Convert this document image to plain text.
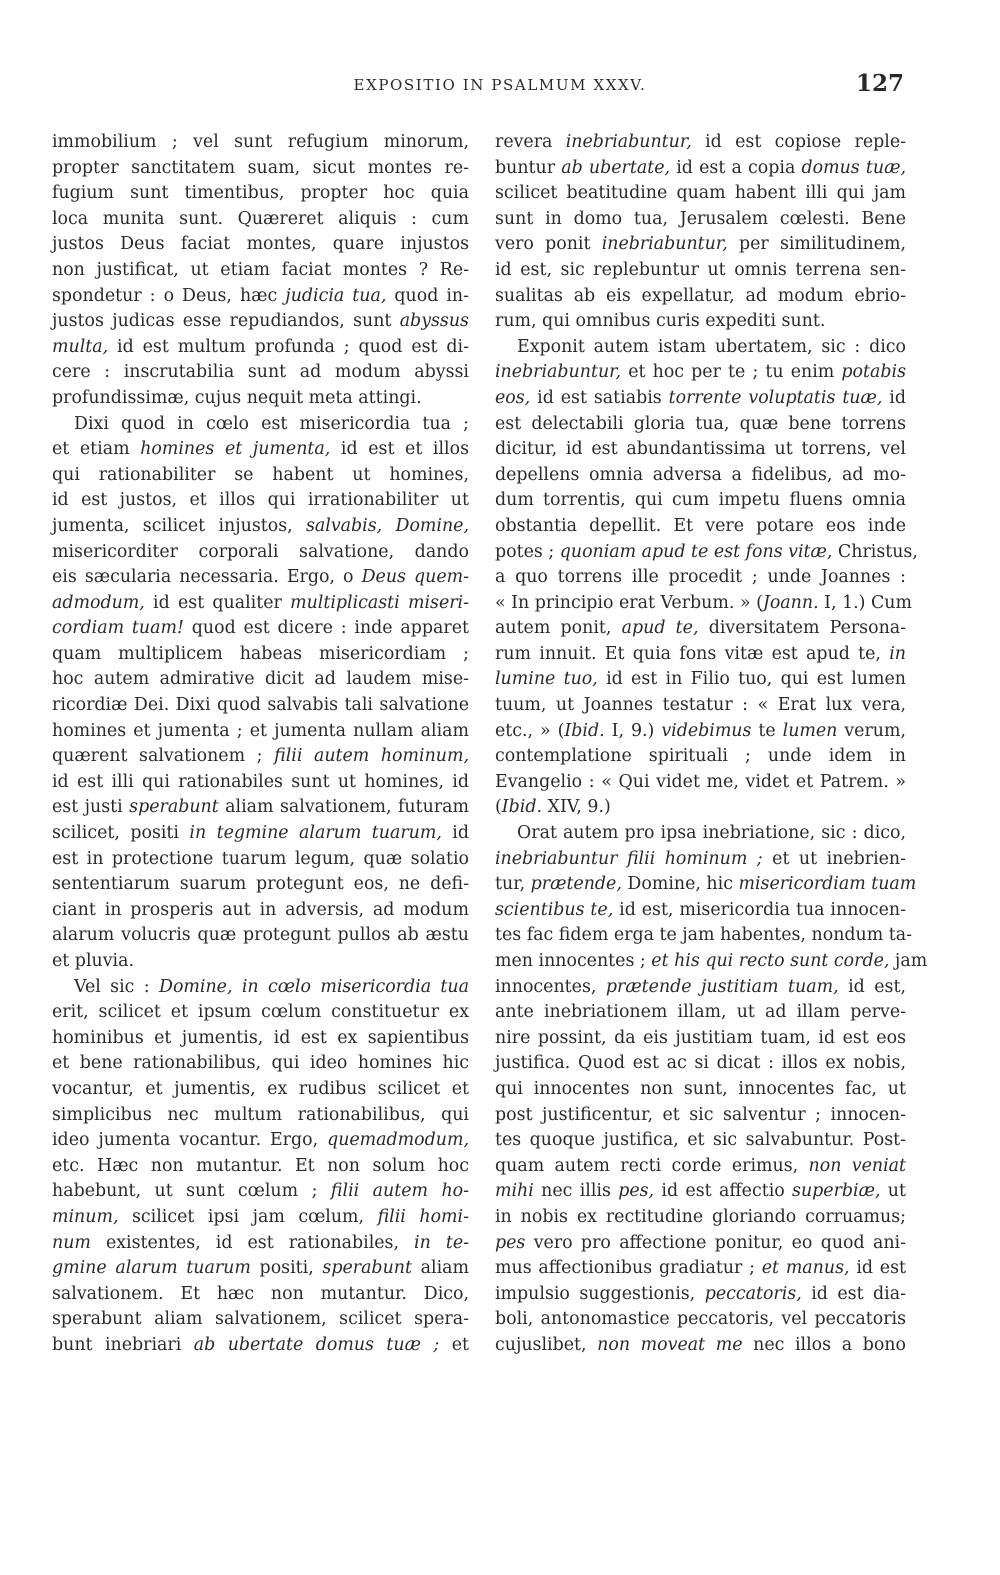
EXPOSITIO IN PSALMUM XXXV.	127
immobilium ; vel sunt refugium minorum,
propter sanctitatem suam, sicut montes re-
fugium sunt timentibus, propter hoc quia
loca munita sunt. Quæreret aliquis : cum
justos Deus faciat montes, quare injustos
non justificat, ut etiam faciat montes ? Re-
spondetur : o Deus, hæc judicia tua, quod in-
justos judicas esse repudiandos, sunt abyssus
multa, id est multum profunda ; quod est di-
cere : inscrutabilia sunt ad modum abyssi
profundissimæ, cujus nequit meta attingi.
Dixi quod in cœlo est misericordia tua ;
et etiam homines et jumenta, id est et illos
qui rationabiliter se habent ut homines,
id est justos, et illos qui irrationabiliter ut
jumenta, scilicet injustos, salvabis, Domine,
misericorditer corporali salvatione, dando
eis sæcularia necessaria. Ergo, o Deus quem-
admodum, id est qualiter multiplicasti miseri-
cordiam tuam! quod est dicere : inde apparet
quam multiplicem habeas misericordiam ;
hoc autem admirative dicit ad laudem mise-
ricordiæ Dei. Dixi quod salvabis tali salvatione
homines et jumenta ; et jumenta nullam aliam
quærent salvationem ; filii autem hominum,
id est illi qui rationabiles sunt ut homines, id
est justi sperabunt aliam salvationem, futuram
scilicet, positi in tegmine alarum tuarum, id
est in protectione tuarum legum, quæ solatio
sententiarum suarum protegunt eos, ne defi-
ciant in prosperis aut in adversis, ad modum
alarum volucris quæ protegunt pullos ab æstu
et pluvia.
Vel sic : Domine, in cœlo misericordia tua
erit, scilicet et ipsum cœlum constituetur ex
hominibus et jumentis, id est ex sapientibus
et bene rationabilibus, qui ideo homines hic
vocantur, et jumentis, ex rudibus scilicet et
simplicibus nec multum rationabilibus, qui
ideo jumenta vocantur. Ergo, quemadmodum,
etc. Hæc non mutantur. Et non solum hoc
habebunt, ut sunt cœlum ; filii autem ho-
minum, scilicet ipsi jam cœlum, filii homi-
num existentes, id est rationabiles, in te-
gmine alarum tuarum positi, sperabunt aliam
salvationem. Et hæc non mutantur. Dico,
sperabunt aliam salvationem, scilicet spera-
bunt inebriari ab ubertate domus tuæ ; et
revera inebriabuntur, id est copiose reple-
buntur ab ubertate, id est a copia domus tuæ,
scilicet beatitudine quam habent illi qui jam
sunt in domo tua, Jerusalem cœlesti. Bene
vero ponit inebriabuntur, per similitudinem,
id est, sic replebuntur ut omnis terrena sen-
sualitas ab eis expellatur, ad modum ebrio-
rum, qui omnibus curis expediti sunt.
Exponit autem istam ubertatem, sic : dico
inebriabuntur, et hoc per te ; tu enim potabis
eos, id est satiabis torrente voluptatis tuæ, id
est delectabili gloria tua, quæ bene torrens
dicitur, id est abundantissima ut torrens, vel
depellens omnia adversa a fidelibus, ad mo-
dum torrentis, qui cum impetu fluens omnia
obstantia depellit. Et vere potare eos inde
potes ; quoniam apud te est fons vitæ, Christus,
a quo torrens ille procedit ; unde Joannes :
« In principio erat Verbum. » (Joann. I, 1.) Cum
autem ponit, apud te, diversitatem Persona-
rum innuit. Et quia fons vitæ est apud te, in
lumine tuo, id est in Filio tuo, qui est lumen
tuum, ut Joannes testatur : « Erat lux vera,
etc., » (Ibid. I, 9.) videbimus te lumen verum,
contemplatione spirituali ; unde idem in
Evangelio : « Qui videt me, videt et Patrem. »
(Ibid. XIV, 9.)
Orat autem pro ipsa inebriatione, sic : dico,
inebriabuntur filii hominum ; et ut inebrien-
tur, prætende, Domine, hic misericordiam tuam
scientibus te, id est, misericordia tua innocen-
tes fac fidem erga te jam habentes, nondum ta-
men innocentes ; et his qui recto sunt corde, jam
innocentes, prætende justitiam tuam, id est,
ante inebriationem illam, ut ad illam perve-
nire possint, da eis justitiam tuam, id est eos
justifica. Quod est ac si dicat : illos ex nobis,
qui innocentes non sunt, innocentes fac, ut
post justificentur, et sic salventur ; innocen-
tes quoque justifica, et sic salvabuntur. Post-
quam autem recti corde erimus, non veniat
mihi nec illis pes, id est affectio superbiæ, ut
in nobis ex rectitudine gloriando corruamus;
pes vero pro affectione ponitur, eo quod ani-
mus affectionibus gradiatur ; et manus, id est
impulsio suggestionis, peccatoris, id est dia-
boli, antonomastice peccatoris, vel peccatoris
cujuslibet, non moveat me nec illos a bono
